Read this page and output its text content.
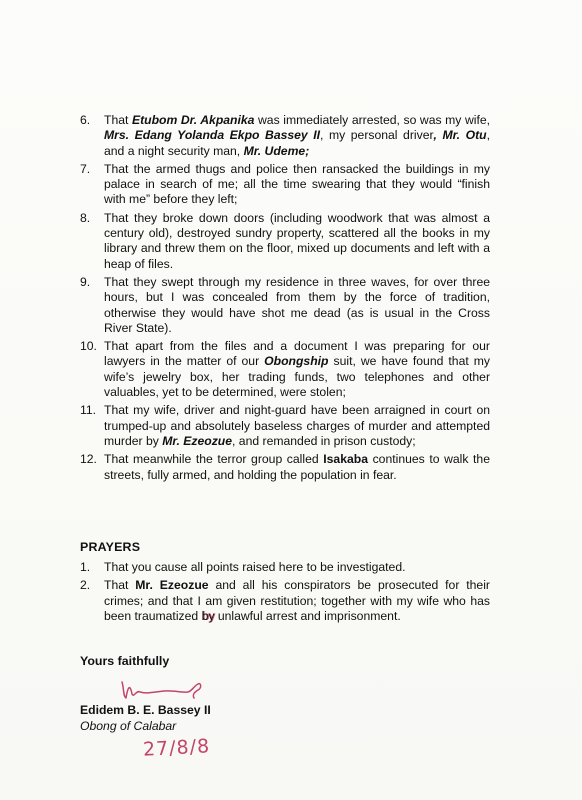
6.	That Etubom Dr. Akpanika was immediately arrested, so was my wife, Mrs. Edang Yolanda Ekpo Bassey II, my personal driver, Mr. Otu, and a night security man, Mr. Udeme;
7.	That the armed thugs and police then ransacked the buildings in my palace in search of me; all the time swearing that they would “finish with me” before they left;
8.	That they broke down doors (including woodwork that was almost a century old), destroyed sundry property, scattered all the books in my library and threw them on the floor, mixed up documents and left with a heap of files.
9.	That they swept through my residence in three waves, for over three hours, but I was concealed from them by the force of tradition, otherwise they would have shot me dead (as is usual in the Cross River State).
10. That apart from the files and a document I was preparing for our lawyers in the matter of our Obongship suit, we have found that my wife’s jewelry box, her trading funds, two telephones and other valuables, yet to be determined, were stolen;
11. That my wife, driver and night-guard have been arraigned in court on trumped-up and absolutely baseless charges of murder and attempted murder by Mr. Ezeozue, and remanded in prison custody;
12. That meanwhile the terror group called Isakaba continues to walk the streets, fully armed, and holding the population in fear.
PRAYERS
1.	That you cause all points raised here to be investigated.
2.	That Mr. Ezeozue and all his conspirators be prosecuted for their crimes; and that I am given restitution; together with my wife who has been traumatized by unlawful arrest and imprisonment.
Yours faithfully
Edidem B. E. Bassey II
Obong of Calabar
27/8/8
